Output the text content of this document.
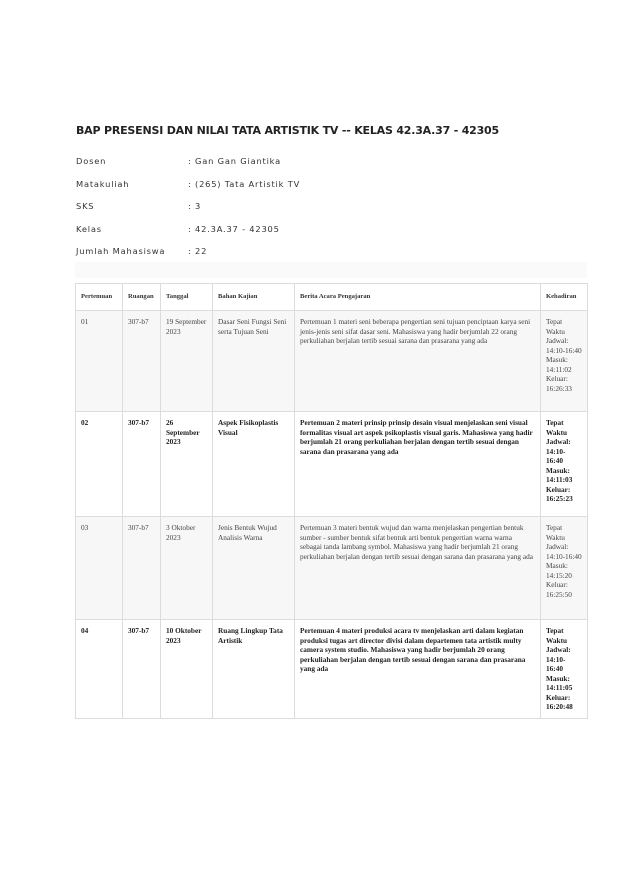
BAP PRESENSI DAN NILAI TATA ARTISTIK TV -- KELAS 42.3A.37 - 42305
Dosen	: Gan Gan Giantika
Matakuliah	: (265) Tata Artistik TV
SKS	: 3
Kelas	: 42.3A.37 - 42305
Jumlah Mahasiswa	: 22
Pertemuan	Ruangan	Tanggal	Bahan Kajian	Berita Acara Pengajaran	Kehadiran
01	307-b7	19 September 2023	Dasar Seni Fungsi Seni serta Tujuan Seni	Pertemuan 1 materi seni beberapa pengertian seni tujuan penciptaan karya seni jenis-jenis seni sifat dasar seni. Mahasiswa yang hadir berjumlah 22 orang perkuliahan berjalan tertib sesuai sarana dan prasarana yang ada	Tepat Waktu Jadwal: 14:10-16:40 Masuk: 14:11:02 Keluar: 16:26:33
02	307-b7	26 September 2023	Aspek Fisikoplastis Visual	Pertemuan 2 materi prinsip prinsip desain visual menjelaskan seni visual formalitas visual art aspek psikoplastis visual garis. Mahasiswa yang hadir berjumlah 21 orang perkuliahan berjalan dengan tertib sesuai dengan sarana dan prasarana yang ada	Tepat Waktu Jadwal: 14:10-16:40 Masuk: 14:11:03 Keluar: 16:25:23
03	307-b7	3 Oktober 2023	Jenis Bentuk Wujud Analisis Warna	Pertemuan 3 materi bentuk wujud dan warna menjelaskan pengertian bentuk sumber - sumber bentuk sifat bentuk arti bentuk pengertian warna warna sebagai tanda lambang symbol. Mahasiswa yang hadir berjumlah 21 orang perkuliahan berjalan dengan tertib sesuai dengan sarana dan prasarana yang ada	Tepat Waktu Jadwal: 14:10-16:40 Masuk: 14:15:20 Keluar: 16:25:50
04	307-b7	10 Oktober 2023	Ruang Lingkup Tata Artistik	Pertemuan 4 materi produksi acara tv menjelaskan arti dalam kegiatan produksi tugas art director divisi dalam departemen tata artistik multy camera system studio. Mahasiswa yang hadir berjumlah 20 orang perkuliahan berjalan dengan tertib sesuai dengan sarana dan prasarana yang ada	Tepat Waktu Jadwal: 14:10-16:40 Masuk: 14:11:05 Keluar: 16:20:48
